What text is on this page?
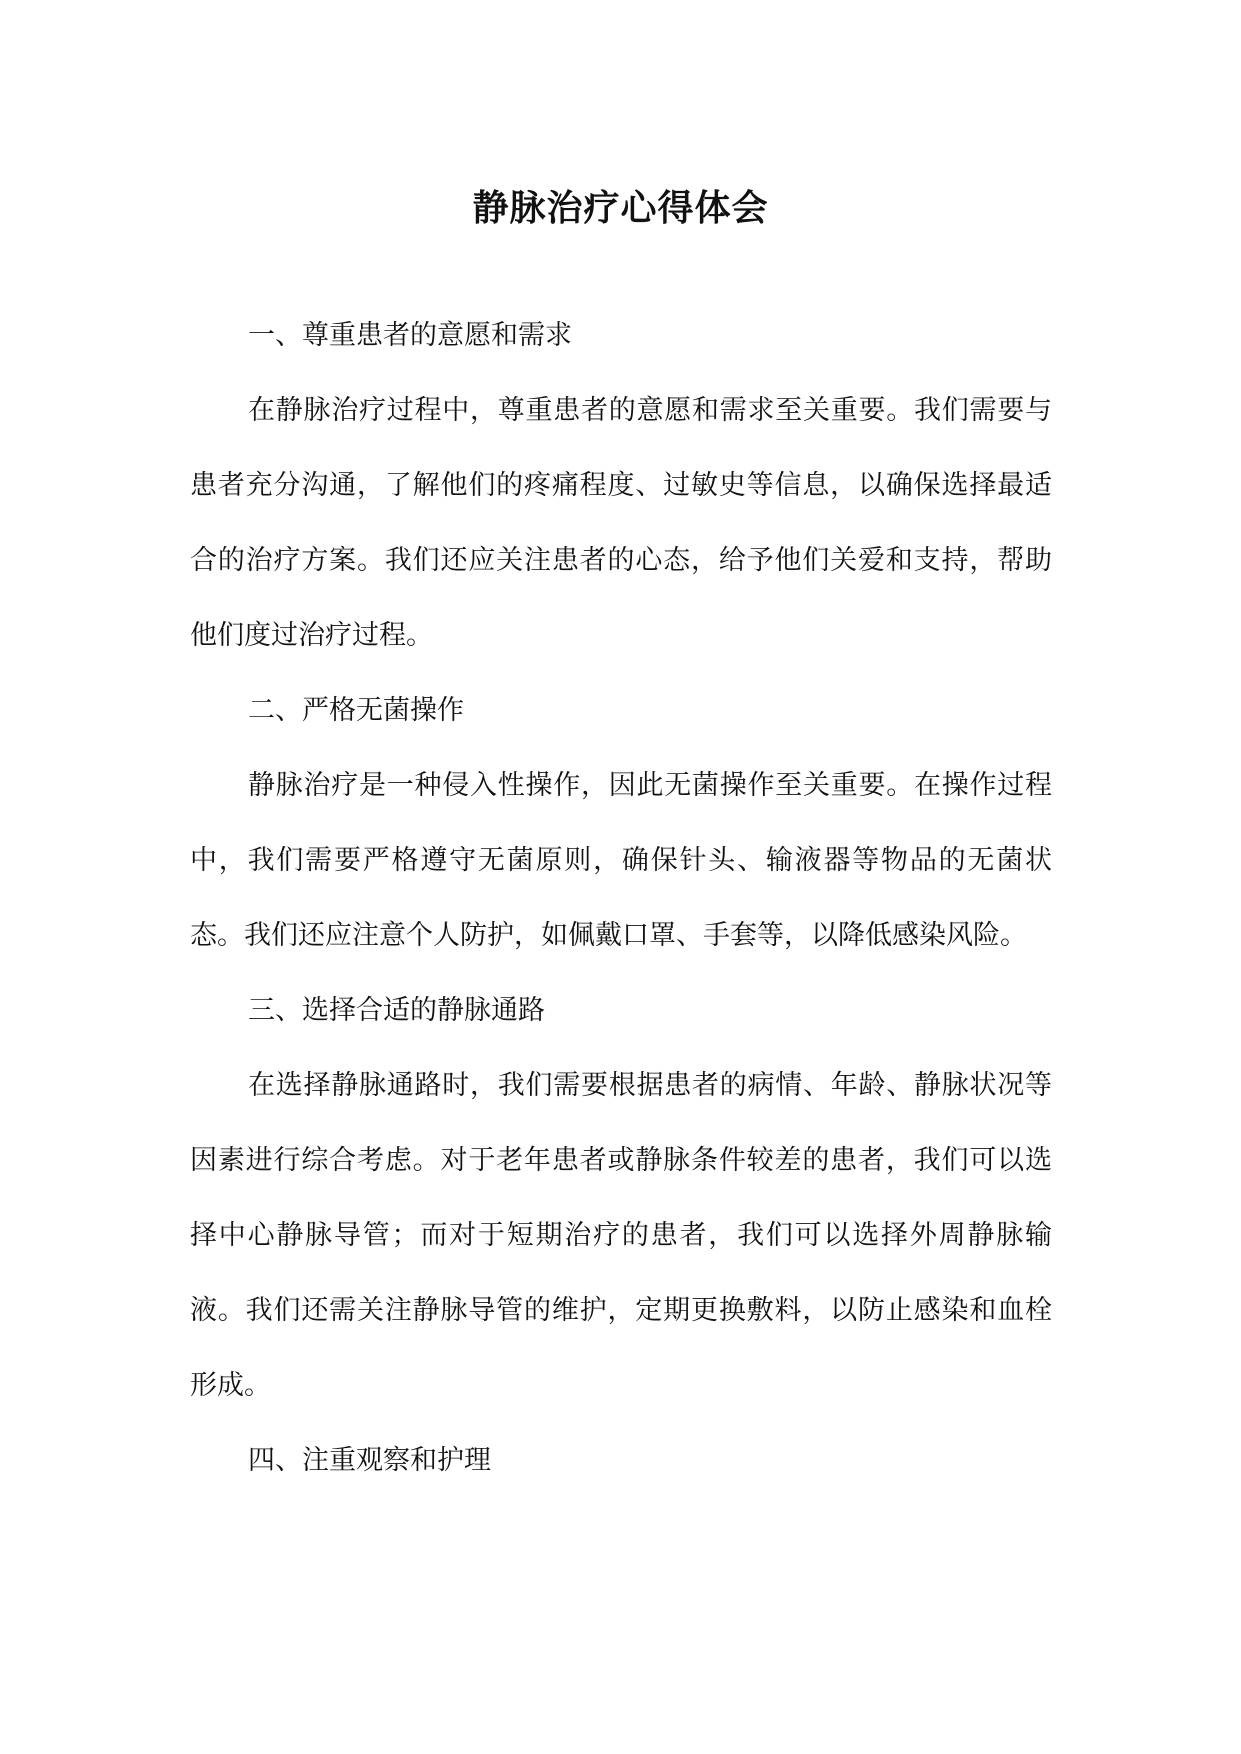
静脉治疗心得体会
一、尊重患者的意愿和需求

在静脉治疗过程中，尊重患者的意愿和需求至关重要。我们需要与患者充分沟通，了解他们的疼痛程度、过敏史等信息，以确保选择最适合的治疗方案。我们还应关注患者的心态，给予他们关爱和支持，帮助他们度过治疗过程。

二、严格无菌操作

静脉治疗是一种侵入性操作，因此无菌操作至关重要。在操作过程中，我们需要严格遵守无菌原则，确保针头、输液器等物品的无菌状态。我们还应注意个人防护，如佩戴口罩、手套等，以降低感染风险。

三、选择合适的静脉通路

在选择静脉通路时，我们需要根据患者的病情、年龄、静脉状况等因素进行综合考虑。对于老年患者或静脉条件较差的患者，我们可以选择中心静脉导管；而对于短期治疗的患者，我们可以选择外周静脉输液。我们还需关注静脉导管的维护，定期更换敷料，以防止感染和血栓形成。

四、注重观察和护理
